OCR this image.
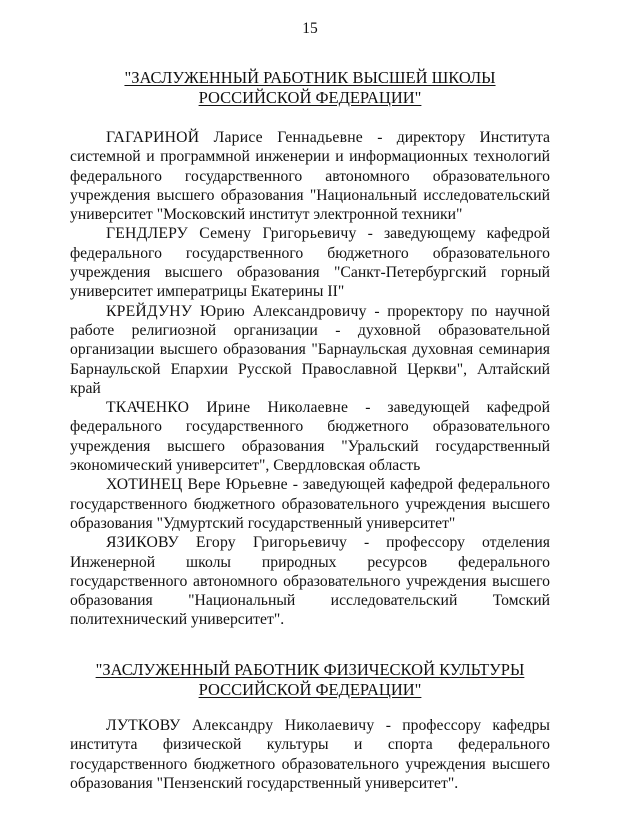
15
"ЗАСЛУЖЕННЫЙ РАБОТНИК ВЫСШЕЙ ШКОЛЫ
РОССИЙСКОЙ ФЕДЕРАЦИИ"

ГАГАРИНОЙ Ларисе Геннадьевне - директору Института системной и программной инженерии и информационных технологий федерального государственного автономного образовательного учреждения высшего образования "Национальный исследовательский университет "Московский институт электронной техники"

ГЕНДЛЕРУ Семену Григорьевичу - заведующему кафедрой федерального государственного бюджетного образовательного учреждения высшего образования "Санкт-Петербургский горный университет императрицы Екатерины II"

КРЕЙДУНУ Юрию Александровичу - проректору по научной работе религиозной организации - духовной образовательной организации высшего образования "Барнаульская духовная семинария Барнаульской Епархии Русской Православной Церкви", Алтайский край

ТКАЧЕНКО Ирине Николаевне - заведующей кафедрой федерального государственного бюджетного образовательного учреждения высшего образования "Уральский государственный экономический университет", Свердловская область

ХОТИНЕЦ Вере Юрьевне - заведующей кафедрой федерального государственного бюджетного образовательного учреждения высшего образования "Удмуртский государственный университет"

ЯЗИКОВУ Егору Григорьевичу - профессору отделения Инженерной школы природных ресурсов федерального государственного автономного образовательного учреждения высшего образования "Национальный исследовательский Томский политехнический университет".

"ЗАСЛУЖЕННЫЙ РАБОТНИК ФИЗИЧЕСКОЙ КУЛЬТУРЫ
РОССИЙСКОЙ ФЕДЕРАЦИИ"

ЛУТКОВУ Александру Николаевичу - профессору кафедры института физической культуры и спорта федерального государственного бюджетного образовательного учреждения высшего образования "Пензенский государственный университет".
